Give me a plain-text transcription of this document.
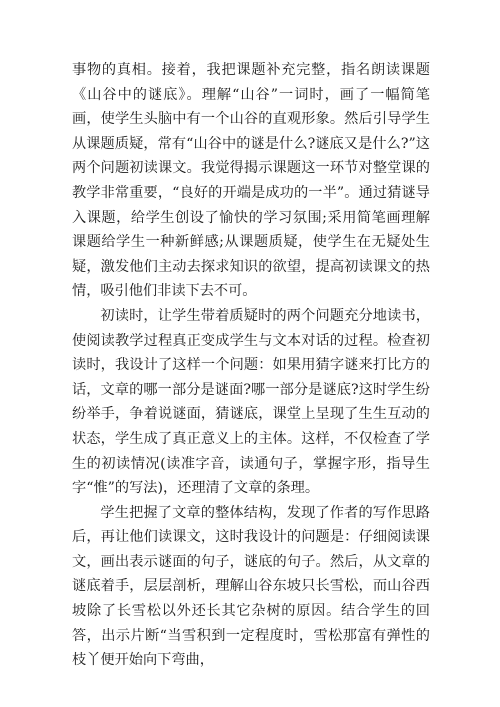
事物的真相。接着，我把课题补充完整，指名朗读课题《山谷中的谜底》。理解“山谷”一词时，画了一幅简笔画，使学生头脑中有一个山谷的直观形象。然后引导学生从课题质疑，常有“山谷中的谜是什么?谜底又是什么?”这两个问题初读课文。我觉得揭示课题这一环节对整堂课的教学非常重要，“良好的开端是成功的一半”。通过猜谜导入课题，给学生创设了愉快的学习氛围;采用简笔画理解课题给学生一种新鲜感;从课题质疑，使学生在无疑处生疑，激发他们主动去探求知识的欲望，提高初读课文的热情，吸引他们非读下去不可。

初读时，让学生带着质疑时的两个问题充分地读书，使阅读教学过程真正变成学生与文本对话的过程。检查初读时，我设计了这样一个问题：如果用猜字谜来打比方的话，文章的哪一部分是谜面?哪一部分是谜底?这时学生纷纷举手，争着说谜面，猜谜底，课堂上呈现了生生互动的状态，学生成了真正意义上的主体。这样，不仅检查了学生的初读情况(读准字音，读通句子，掌握字形，指导生字“惟”的写法)，还理清了文章的条理。

学生把握了文章的整体结构，发现了作者的写作思路后，再让他们读课文，这时我设计的问题是：仔细阅读课文，画出表示谜面的句子，谜底的句子。然后，从文章的谜底着手，层层剖析，理解山谷东坡只长雪松，而山谷西坡除了长雪松以外还长其它杂树的原因。结合学生的回答，出示片断“当雪积到一定程度时，雪松那富有弹性的枝丫便开始向下弯曲，
